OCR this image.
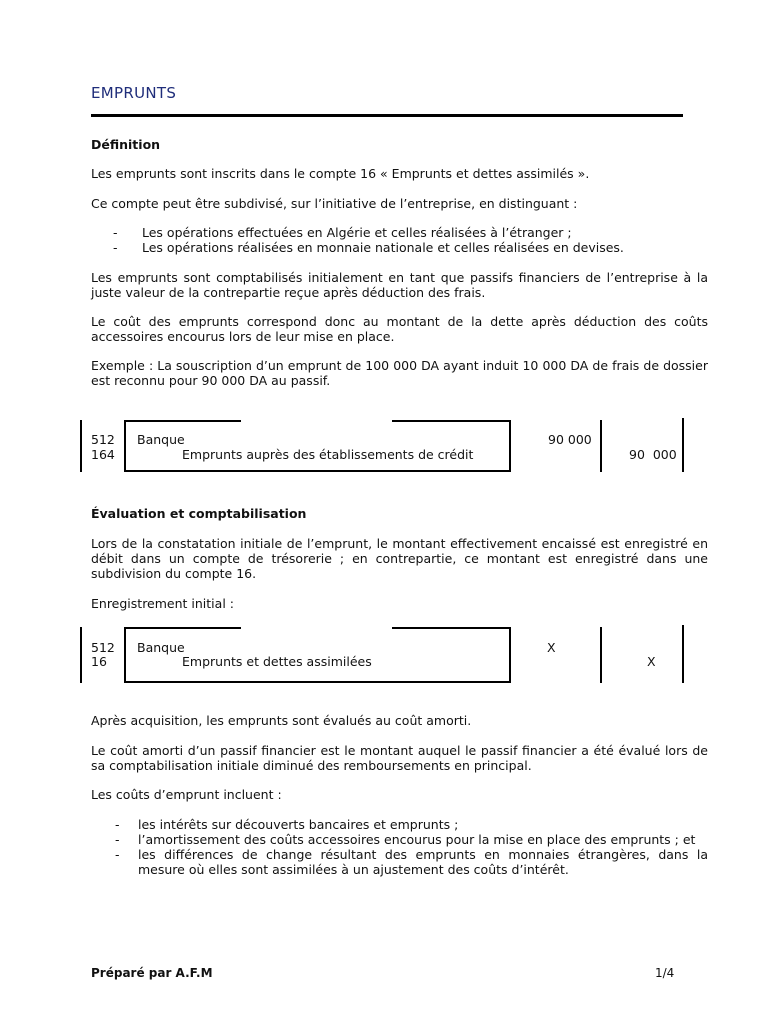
EMPRUNTS
Définition
Les emprunts sont inscrits dans le compte 16 « Emprunts et dettes assimilés ».
Ce compte peut être subdivisé, sur l’initiative de l’entreprise, en distinguant :
- Les opérations effectuées en Algérie et celles réalisées à l’étranger ;
- Les opérations réalisées en monnaie nationale et celles réalisées en devises.
Les emprunts sont comptabilisés initialement en tant que passifs financiers de l’entreprise à la juste valeur de la contrepartie reçue après déduction des frais.
Le coût des emprunts correspond donc au montant de la dette après déduction des coûts accessoires encourus lors de leur mise en place.
Exemple : La souscription d’un emprunt de 100 000 DA ayant induit 10 000 DA de frais de dossier est reconnu pour 90 000 DA au passif.
512
164
Banque
Emprunts auprès des établissements de crédit
90 000
90  000
Évaluation et comptabilisation
Lors de la constatation initiale de l’emprunt, le montant effectivement encaissé est enregistré en débit dans un compte de trésorerie ; en contrepartie, ce montant est enregistré dans une subdivision du compte 16.
Enregistrement initial :
512
16
Banque
Emprunts et dettes assimilées
X
X
Après acquisition, les emprunts sont évalués au coût amorti.
Le coût amorti d’un passif financier est le montant auquel le passif financier a été évalué lors de sa comptabilisation initiale diminué des remboursements en principal.
Les coûts d’emprunt incluent :
- les intérêts sur découverts bancaires et emprunts ;
- l’amortissement des coûts accessoires encourus pour la mise en place des emprunts ; et
- les différences de change résultant des emprunts en monnaies étrangères, dans la mesure où elles sont assimilées à un ajustement des coûts d’intérêt.
Préparé par A.F.M	1/4
